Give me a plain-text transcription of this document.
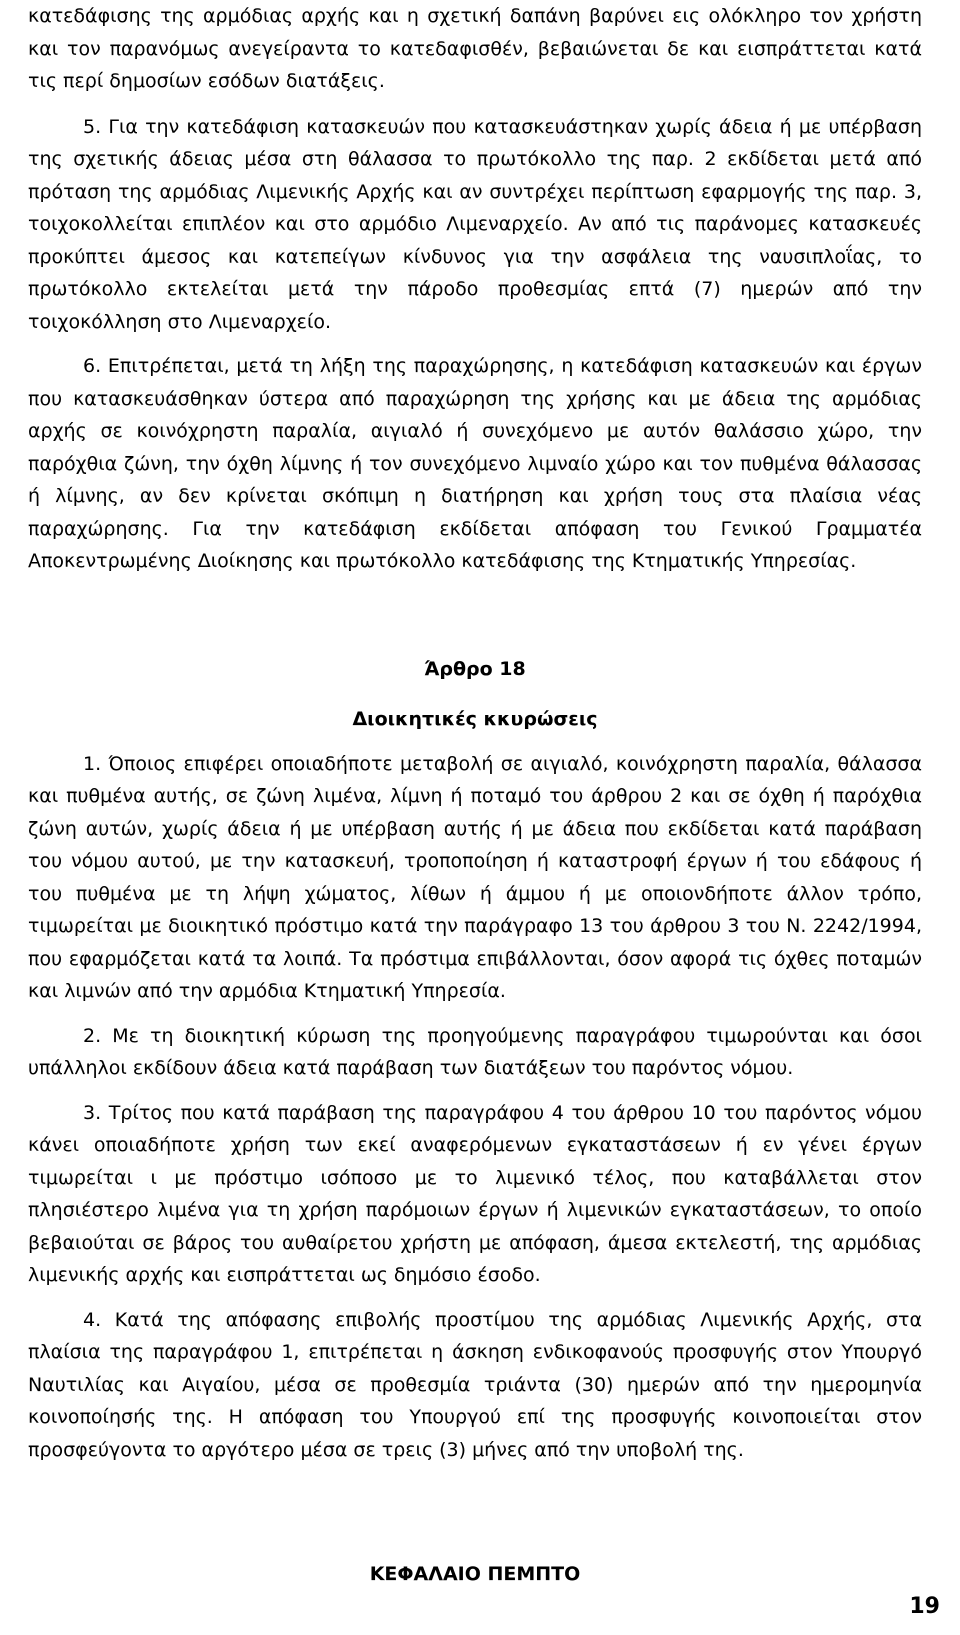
κατεδάφισης της αρμόδιας αρχής και η σχετική δαπάνη βαρύνει εις ολόκληρο τον χρήστη και τον παρανόμως ανεγείραντα το κατεδαφισθέν, βεβαιώνεται δε και εισπράττεται κατά τις περί δημοσίων εσόδων διατάξεις.

5. Για την κατεδάφιση κατασκευών που κατασκευάστηκαν χωρίς άδεια ή με υπέρβαση της σχετικής άδειας μέσα στη θάλασσα το πρωτόκολλο της παρ. 2 εκδίδεται μετά από πρόταση της αρμόδιας Λιμενικής Αρχής και αν συντρέχει περίπτωση εφαρμογής της παρ. 3, τοιχοκολλείται επιπλέον και στο αρμόδιο Λιμεναρχείο. Αν από τις παράνομες κατασκευές προκύπτει άμεσος και κατεπείγων κίνδυνος για την ασφάλεια της ναυσιπλοΐας, το πρωτόκολλο εκτελείται μετά την πάροδο προθεσμίας επτά (7) ημερών από την τοιχοκόλληση στο Λιμεναρχείο.

6. Επιτρέπεται, μετά τη λήξη της παραχώρησης, η κατεδάφιση κατασκευών και έργων που κατασκευάσθηκαν ύστερα από παραχώρηση της χρήσης και με άδεια της αρμόδιας αρχής σε κοινόχρηστη παραλία, αιγιαλό ή συνεχόμενο με αυτόν θαλάσσιο χώρο, την παρόχθια ζώνη, την όχθη λίμνης ή τον συνεχόμενο λιμναίο χώρο και τον πυθμένα θάλασσας ή λίμνης, αν δεν κρίνεται σκόπιμη η διατήρηση και χρήση τους στα πλαίσια νέας παραχώρησης. Για την κατεδάφιση εκδίδεται απόφαση του Γενικού Γραμματέα Αποκεντρωμένης Διοίκησης και πρωτόκολλο κατεδάφισης της Κτηματικής Υπηρεσίας.

Άρθρο 18
Διοικητικές κκυρώσεις

1. Όποιος επιφέρει οποιαδήποτε μεταβολή σε αιγιαλό, κοινόχρηστη παραλία, θάλασσα και πυθμένα αυτής, σε ζώνη λιμένα, λίμνη ή ποταμό του άρθρου 2 και σε όχθη ή παρόχθια ζώνη αυτών, χωρίς άδεια ή με υπέρβαση αυτής ή με άδεια που εκδίδεται κατά παράβαση του νόμου αυτού, με την κατασκευή, τροποποίηση ή καταστροφή έργων ή του εδάφους ή του πυθμένα με τη λήψη χώματος, λίθων ή άμμου ή με οποιονδήποτε άλλον τρόπο, τιμωρείται με διοικητικό πρόστιμο κατά την παράγραφο 13 του άρθρου 3 του Ν. 2242/1994, που εφαρμόζεται κατά τα λοιπά. Τα πρόστιμα επιβάλλονται, όσον αφορά τις όχθες ποταμών και λιμνών από την αρμόδια Κτηματική Υπηρεσία.

2. Με τη διοικητική κύρωση της προηγούμενης παραγράφου τιμωρούνται και όσοι υπάλληλοι εκδίδουν άδεια κατά παράβαση των διατάξεων του παρόντος νόμου.

3. Τρίτος που κατά παράβαση της παραγράφου 4 του άρθρου 10 του παρόντος νόμου κάνει οποιαδήποτε χρήση των εκεί αναφερόμενων εγκαταστάσεων ή εν γένει έργων τιμωρείται ι με πρόστιμο ισόποσο με το λιμενικό τέλος, που καταβάλλεται στον πλησιέστερο λιμένα για τη χρήση παρόμοιων έργων ή λιμενικών εγκαταστάσεων, το οποίο βεβαιούται σε βάρος του αυθαίρετου χρήστη με απόφαση, άμεσα εκτελεστή, της αρμόδιας λιμενικής αρχής και εισπράττεται ως δημόσιο έσοδο.

4. Κατά της απόφασης επιβολής προστίμου της αρμόδιας Λιμενικής Αρχής, στα πλαίσια της παραγράφου 1, επιτρέπεται η άσκηση ενδικοφανούς προσφυγής στον Υπουργό Ναυτιλίας και Αιγαίου, μέσα σε προθεσμία τριάντα (30) ημερών από την ημερομηνία κοινοποίησής της. Η απόφαση του Υπουργού επί της προσφυγής κοινοποιείται στον προσφεύγοντα το αργότερο μέσα σε τρεις (3) μήνες από την υποβολή της.

ΚΕΦΑΛΑΙΟ ΠΕΜΠΤΟ
19
